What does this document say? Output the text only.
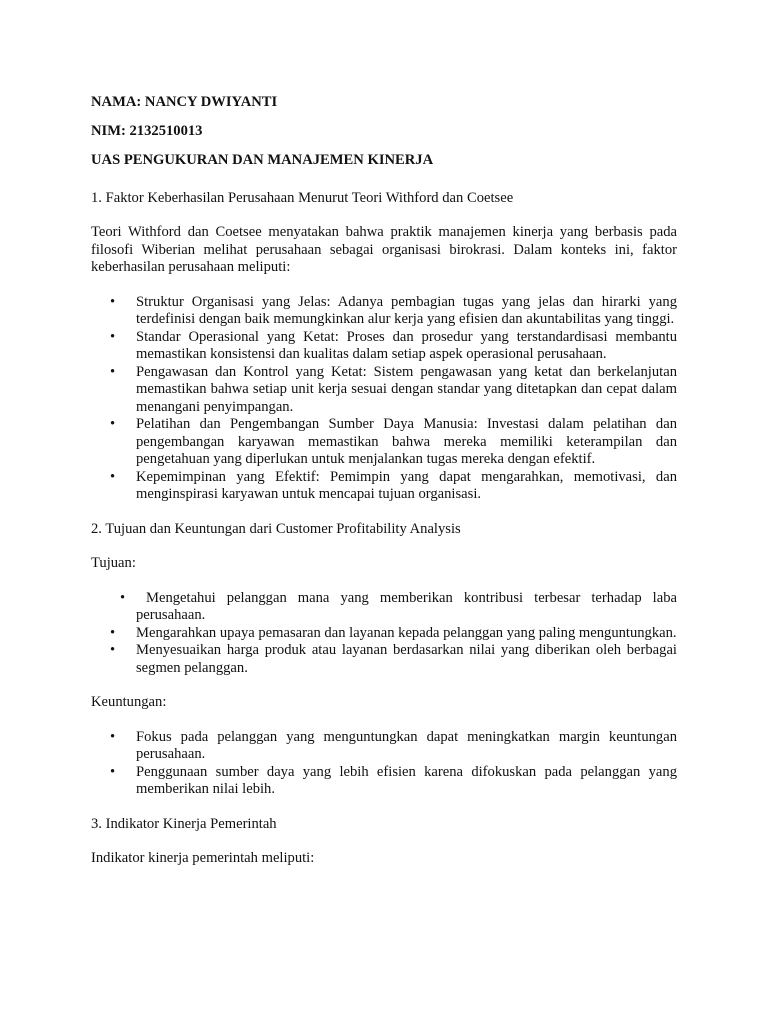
NAMA: NANCY DWIYANTI

NIM: 2132510013

UAS PENGUKURAN DAN MANAJEMEN KINERJA

1. Faktor Keberhasilan Perusahaan Menurut Teori Withford dan Coetsee

Teori Withford dan Coetsee menyatakan bahwa praktik manajemen kinerja yang berbasis pada filosofi Wiberian melihat perusahaan sebagai organisasi birokrasi. Dalam konteks ini, faktor keberhasilan perusahaan meliputi:

• Struktur Organisasi yang Jelas: Adanya pembagian tugas yang jelas dan hirarki yang terdefinisi dengan baik memungkinkan alur kerja yang efisien dan akuntabilitas yang tinggi.
• Standar Operasional yang Ketat: Proses dan prosedur yang terstandardisasi membantu memastikan konsistensi dan kualitas dalam setiap aspek operasional perusahaan.
• Pengawasan dan Kontrol yang Ketat: Sistem pengawasan yang ketat dan berkelanjutan memastikan bahwa setiap unit kerja sesuai dengan standar yang ditetapkan dan cepat dalam menangani penyimpangan.
• Pelatihan dan Pengembangan Sumber Daya Manusia: Investasi dalam pelatihan dan pengembangan karyawan memastikan bahwa mereka memiliki keterampilan dan pengetahuan yang diperlukan untuk menjalankan tugas mereka dengan efektif.
• Kepemimpinan yang Efektif: Pemimpin yang dapat mengarahkan, memotivasi, dan menginspirasi karyawan untuk mencapai tujuan organisasi.

2. Tujuan dan Keuntungan dari Customer Profitability Analysis

Tujuan:

• Mengetahui pelanggan mana yang memberikan kontribusi terbesar terhadap laba perusahaan.
• Mengarahkan upaya pemasaran dan layanan kepada pelanggan yang paling menguntungkan.
• Menyesuaikan harga produk atau layanan berdasarkan nilai yang diberikan oleh berbagai segmen pelanggan.

Keuntungan:

• Fokus pada pelanggan yang menguntungkan dapat meningkatkan margin keuntungan perusahaan.
• Penggunaan sumber daya yang lebih efisien karena difokuskan pada pelanggan yang memberikan nilai lebih.

3. Indikator Kinerja Pemerintah

Indikator kinerja pemerintah meliputi:
